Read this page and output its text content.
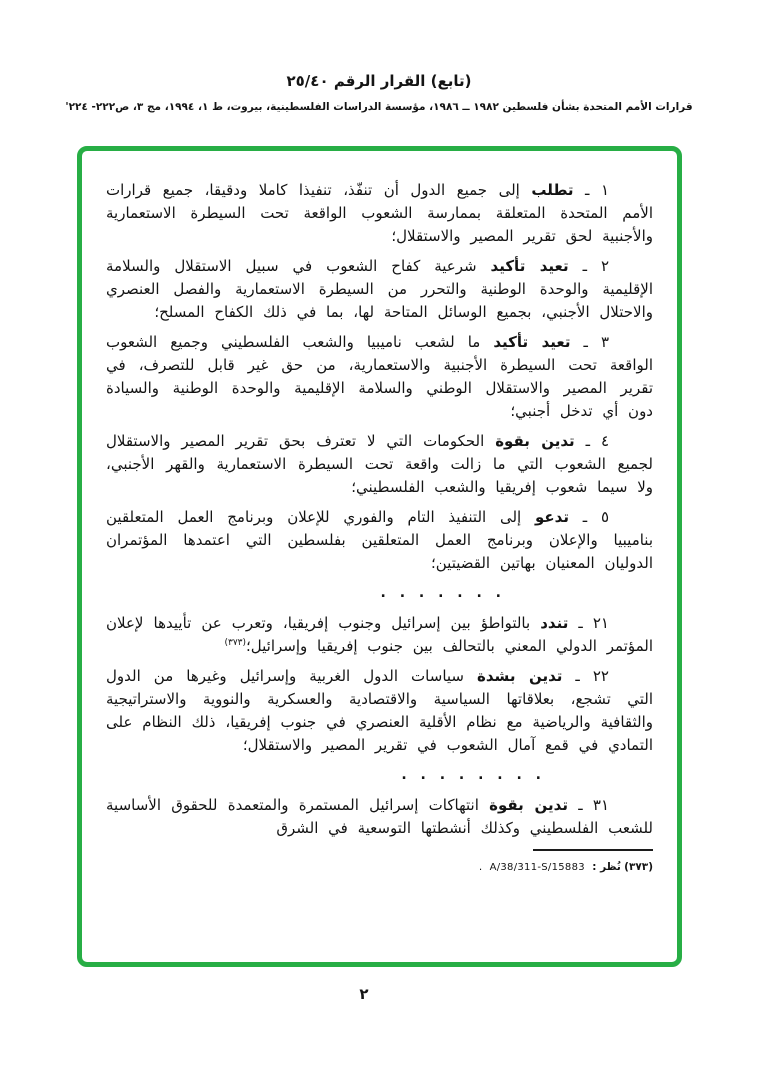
(تابع) القرار الرقم ٢٥/٤٠
قرارات الأمم المتحدة بشأن فلسطين ١٩٨٢ ــ ١٩٨٦، مؤسسة الدراسات الفلسطينية، بيروت، ط ١، ١٩٩٤، مج ٣، ص٢٢٢- ٢٢٤'

١ ـ تطلب إلى جميع الدول أن تنفّذ، تنفيذا كاملا ودقيقا، جميع قرارات الأمم المتحدة المتعلقة بممارسة الشعوب الواقعة تحت السيطرة الاستعمارية والأجنبية لحق تقرير المصير والاستقلال؛

٢ ـ تعيد تأكيد شرعية كفاح الشعوب في سبيل الاستقلال والسلامة الإقليمية والوحدة الوطنية والتحرر من السيطرة الاستعمارية والفصل العنصري والاحتلال الأجنبي، بجميع الوسائل المتاحة لها، بما في ذلك الكفاح المسلح؛

٣ ـ تعيد تأكيد ما لشعب ناميبيا والشعب الفلسطيني وجميع الشعوب الواقعة تحت السيطرة الأجنبية والاستعمارية، من حق غير قابل للتصرف، في تقرير المصير والاستقلال الوطني والسلامة الإقليمية والوحدة الوطنية والسيادة دون أي تدخل أجنبي؛

٤ ـ تدين بقوة الحكومات التي لا تعترف بحق تقرير المصير والاستقلال لجميع الشعوب التي ما زالت واقعة تحت السيطرة الاستعمارية والقهر الأجنبي، ولا سيما شعوب إفريقيا والشعب الفلسطيني؛

٥ ـ تدعو إلى التنفيذ التام والفوري للإعلان وبرنامج العمل المتعلقين بناميبيا والإعلان وبرنامج العمل المتعلقين بفلسطين التي اعتمدها المؤتمران الدوليان المعنيان بهاتين القضيتين؛

. . . . . . .

٢١ ـ تندد بالتواطؤ بين إسرائيل وجنوب إفريقيا، وتعرب عن تأييدها لإعلان المؤتمر الدولي المعني بالتحالف بين جنوب إفريقيا وإسرائيل؛$^{(٣٧٣)}$

٢٢ ـ تدين بشدة سياسات الدول الغربية وإسرائيل وغيرها من الدول التي تشجع، بعلاقاتها السياسية والاقتصادية والعسكرية والنووية والاستراتيجية والثقافية والرياضية مع نظام الأقلية العنصري في جنوب إفريقيا، ذلك النظام على التمادي في قمع آمال الشعوب في تقرير المصير والاستقلال؛

. . . . . . . .

٣١ ـ تدين بقوة انتهاكات إسرائيل المستمرة والمتعمدة للحقوق الأساسية للشعب الفلسطيني وكذلك أنشطتها التوسعية في الشرق

(٣٧٣) نُظر : A/38/311-S/15883 .
٢
